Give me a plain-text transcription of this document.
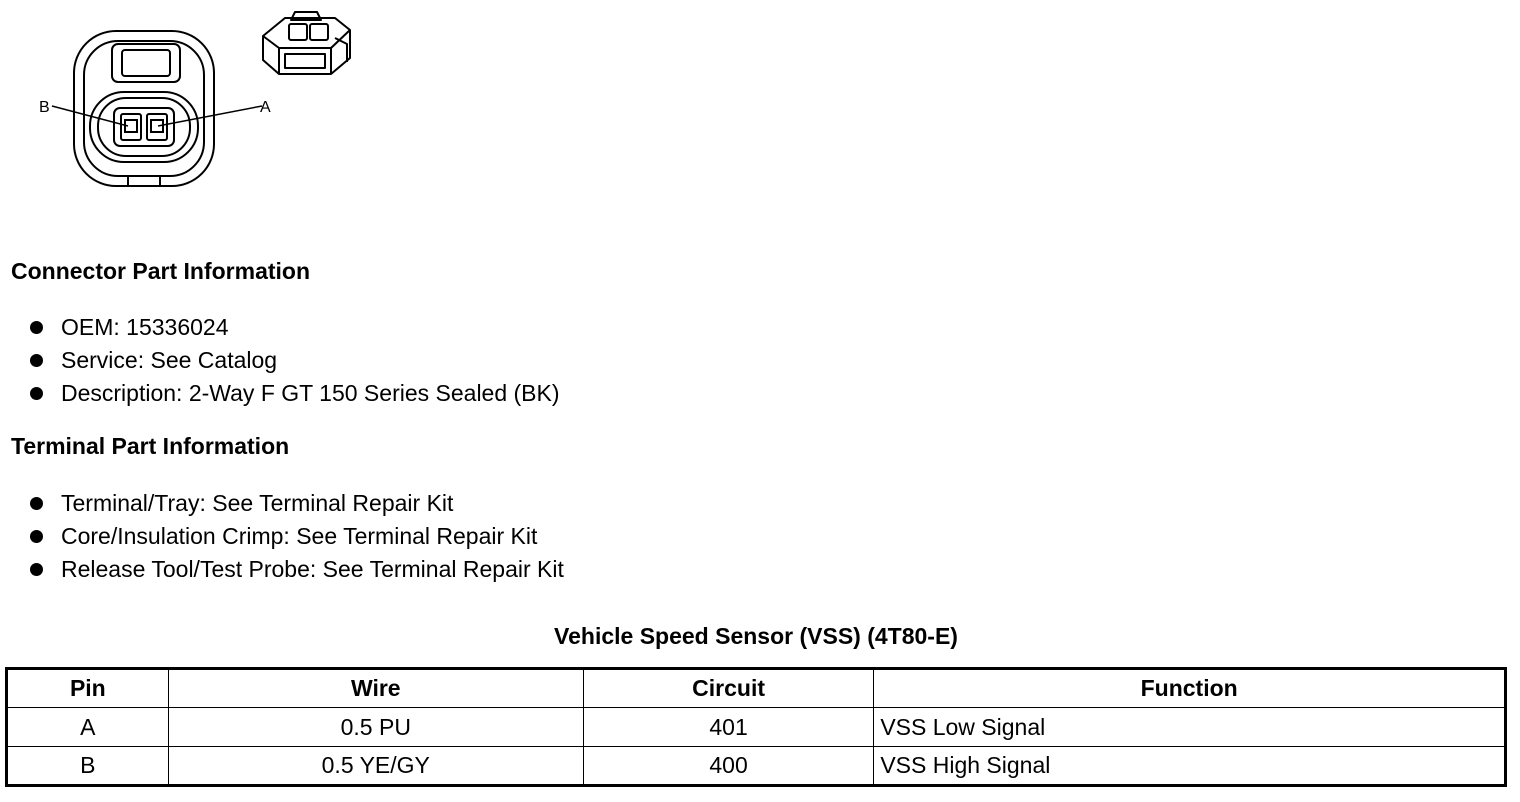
B	A
Connector Part Information
OEM: 15336024
Service: See Catalog
Description: 2-Way F GT 150 Series Sealed (BK)
Terminal Part Information
Terminal/Tray: See Terminal Repair Kit
Core/Insulation Crimp: See Terminal Repair Kit
Release Tool/Test Probe: See Terminal Repair Kit
Vehicle Speed Sensor (VSS) (4T80-E)
Pin	Wire	Circuit	Function
A	0.5 PU	401	VSS Low Signal
B	0.5 YE/GY	400	VSS High Signal
